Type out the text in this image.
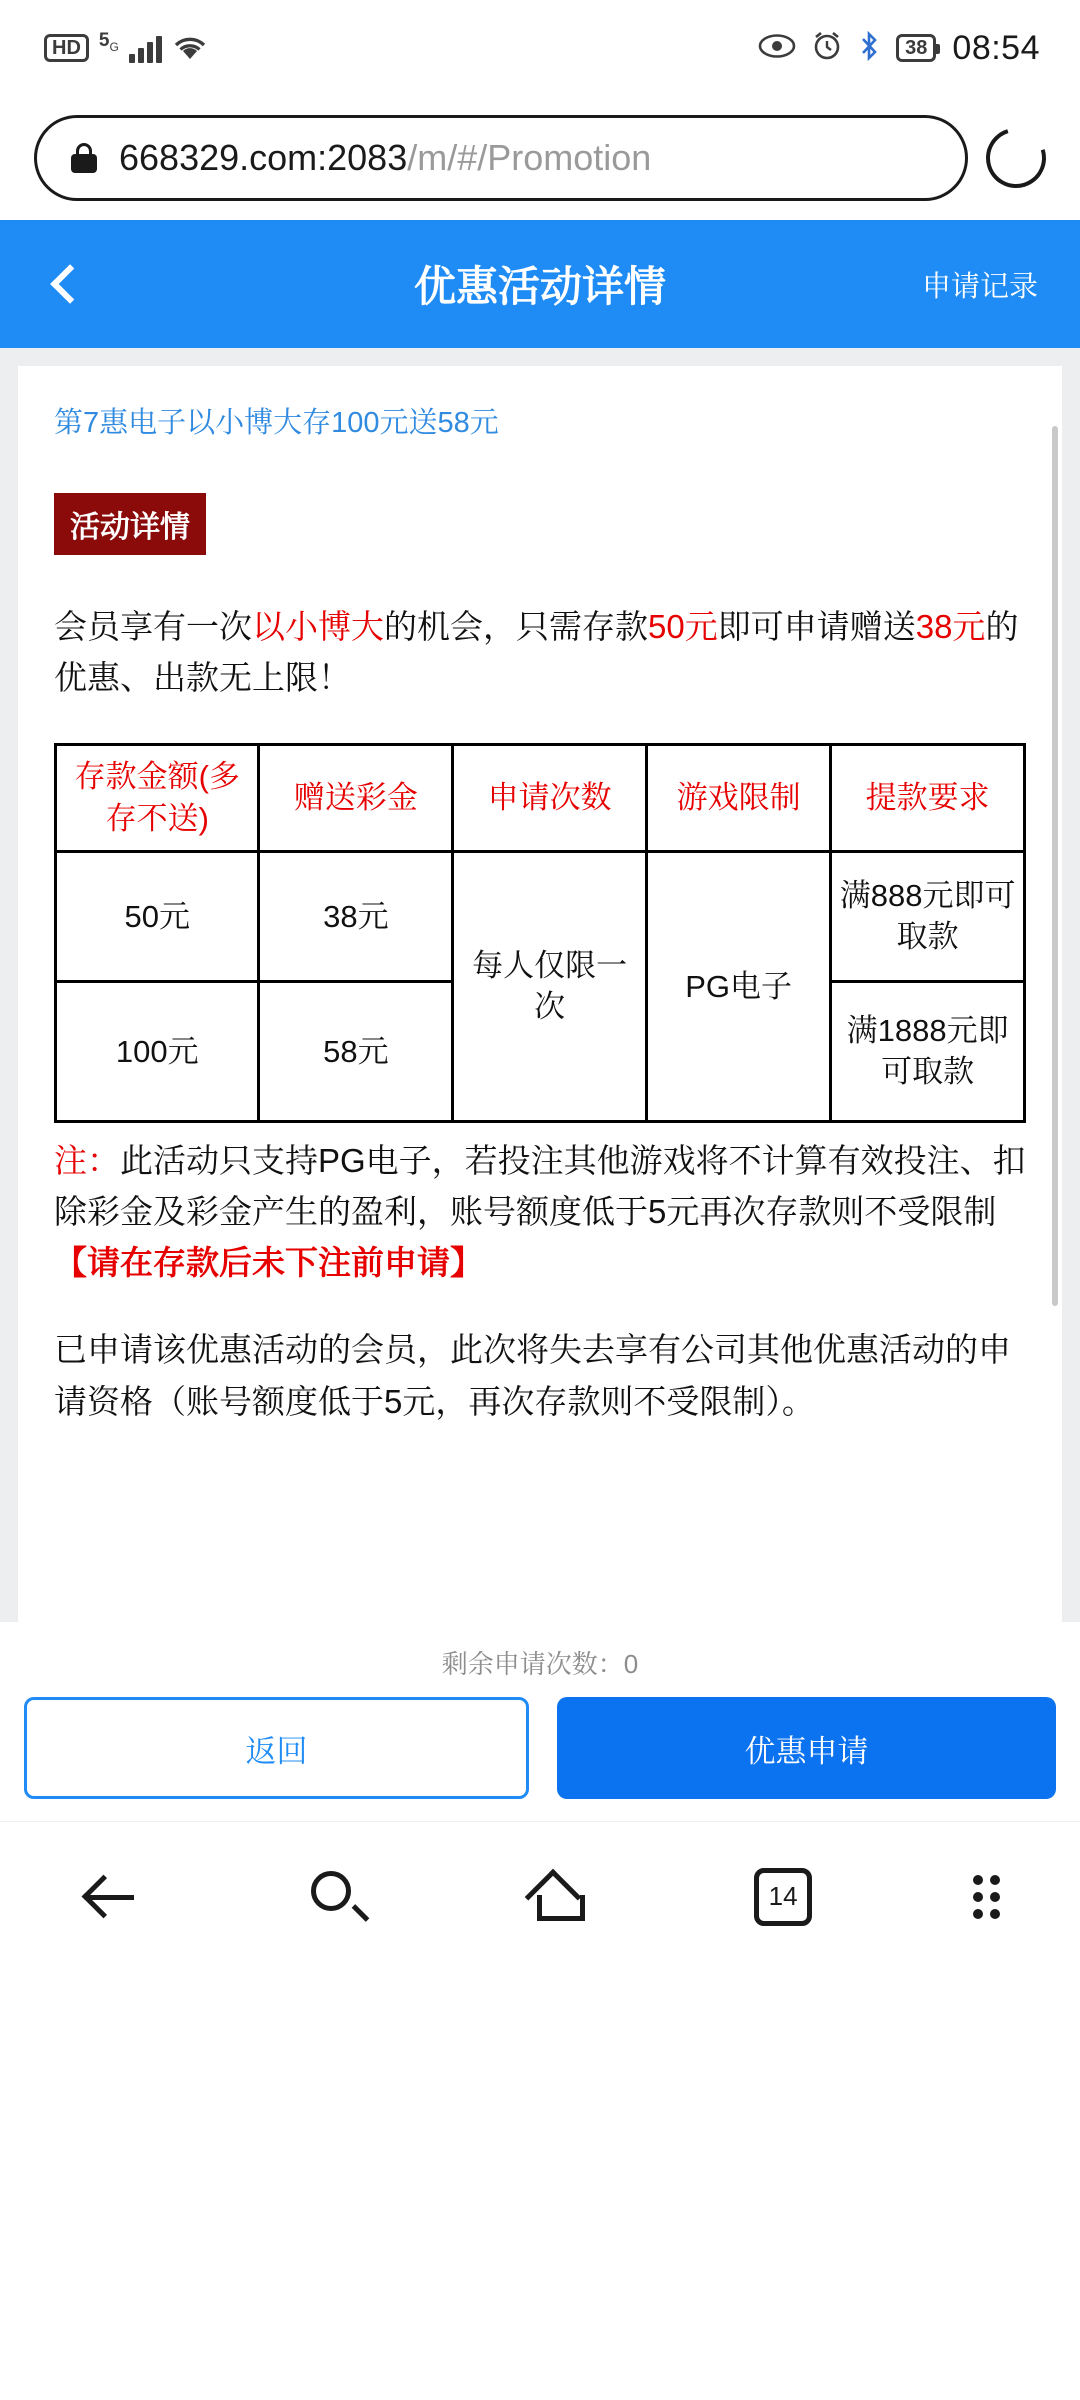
HD $5_G$	38 08:54
668329.com:2083/m/#/Promotion
优惠活动详情	申请记录
第7惠电子以小博大存100元送58元
活动详情
会员享有一次以小博大的机会，只需存款50元即可申请赠送38元的优惠、出款无上限！
存款金额(多存不送)	赠送彩金	申请次数	游戏限制	提款要求
50元	38元	每人仅限一次	PG电子	满888元即可取款
100元	58元			满1888元即可取款
注：此活动只支持PG电子，若投注其他游戏将不计算有效投注、扣除彩金及彩金产生的盈利，账号额度低于5元再次存款则不受限制【请在存款后未下注前申请】
已申请该优惠活动的会员，此次将失去享有公司其他优惠活动的申请资格（账号额度低于5元，再次存款则不受限制）。
剩余申请次数：0
返回	优惠申请
14
